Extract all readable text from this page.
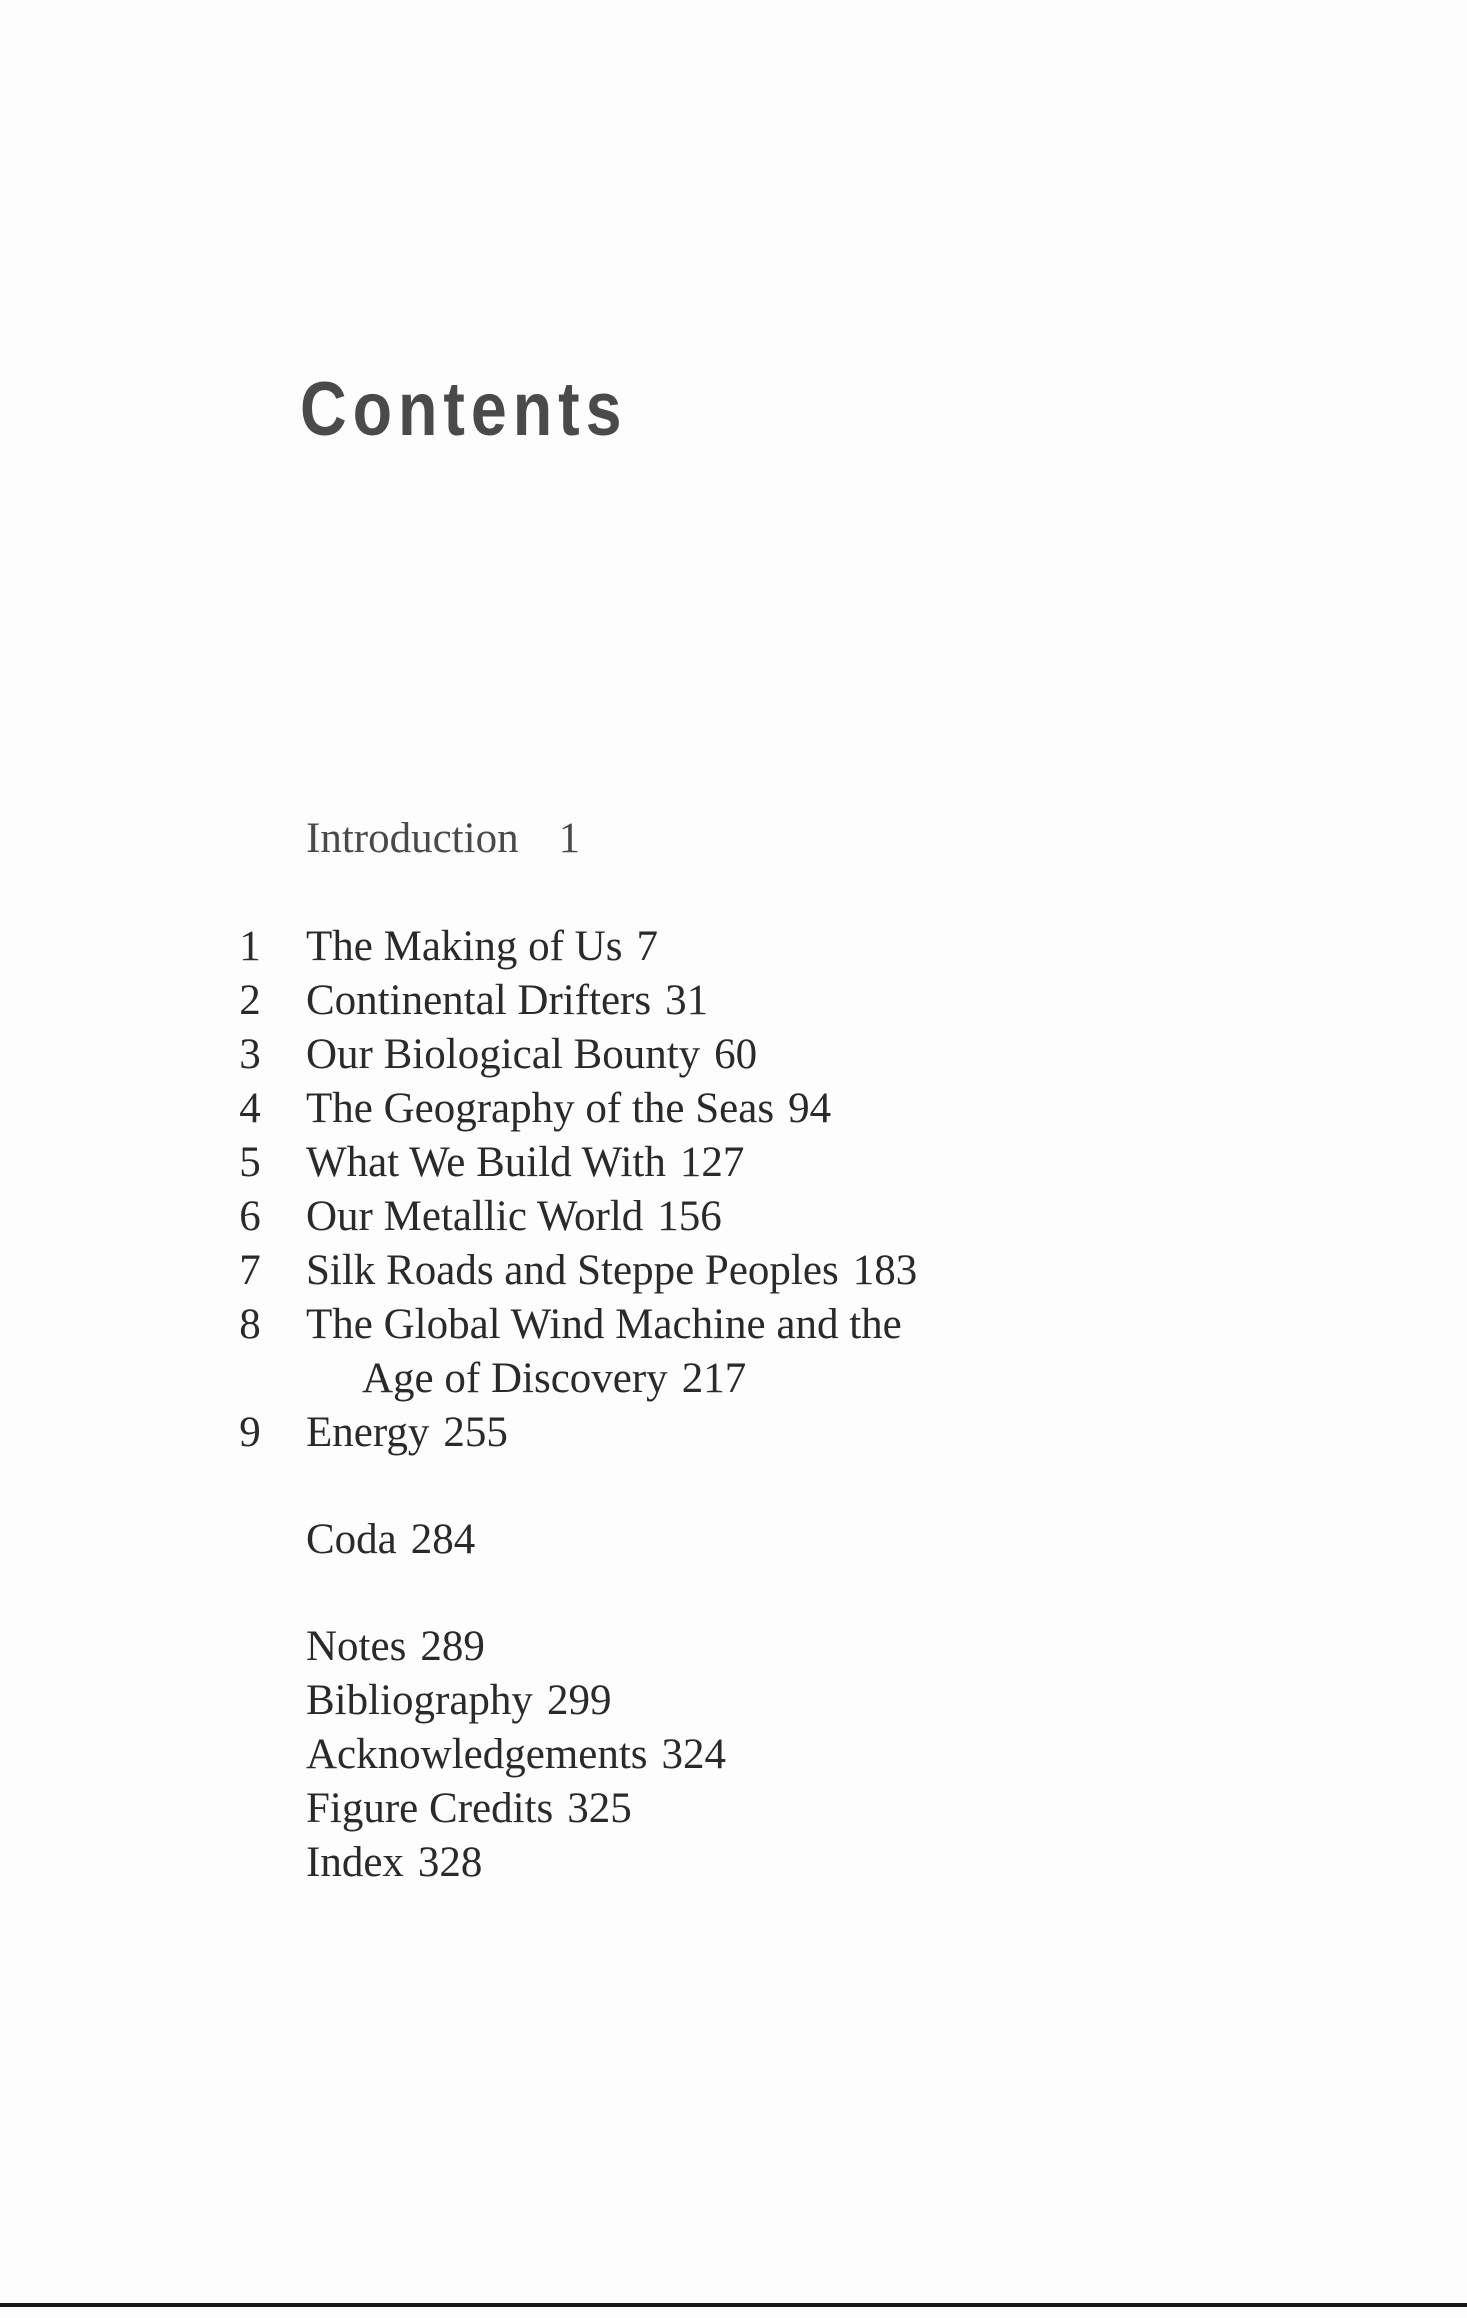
Contents
Introduction 1
1 The Making of Us 7
2 Continental Drifters 31
3 Our Biological Bounty 60
4 The Geography of the Seas 94
5 What We Build With 127
6 Our Metallic World 156
7 Silk Roads and Steppe Peoples 183
8 The Global Wind Machine and the
Age of Discovery 217
9 Energy 255
Coda 284
Notes 289
Bibliography 299
Acknowledgements 324
Figure Credits 325
Index 328
